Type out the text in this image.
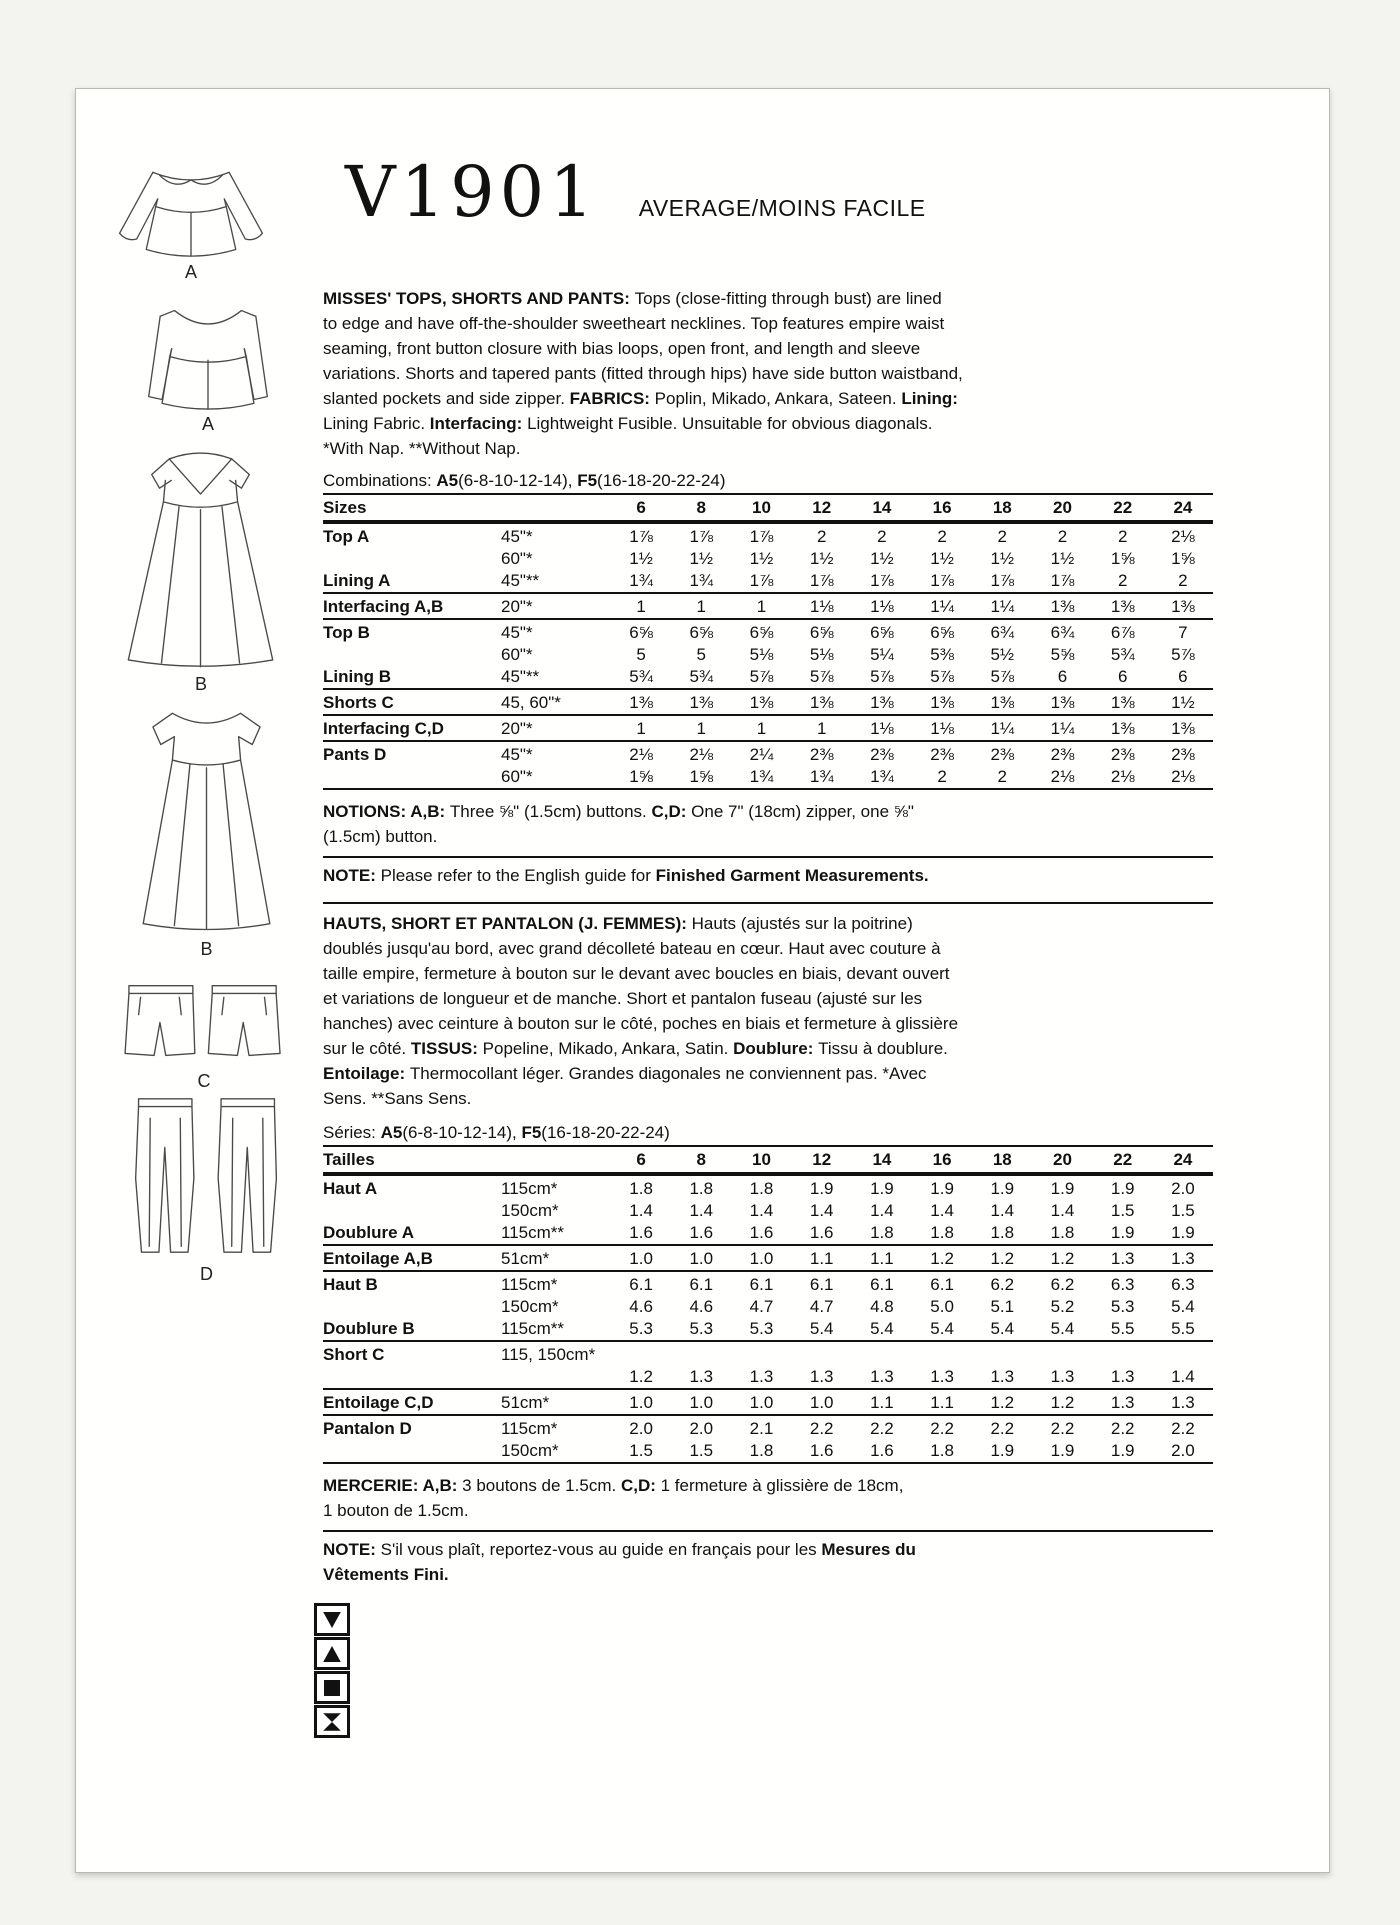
A
A
B
B
C
D
V1901 AVERAGE/MOINS FACILE

MISSES' TOPS, SHORTS AND PANTS: Tops (close-fitting through bust) are lined
to edge and have off-the-shoulder sweetheart necklines. Top features empire waist
seaming, front button closure with bias loops, open front, and length and sleeve
variations. Shorts and tapered pants (fitted through hips) have side button waistband,
slanted pockets and side zipper. FABRICS: Poplin, Mikado, Ankara, Sateen. Lining:
Lining Fabric. Interfacing: Lightweight Fusible. Unsuitable for obvious diagonals.
*With Nap. **Without Nap.

Combinations: A5(6-8-10-12-14), F5(16-18-20-22-24)
Sizes	6	8	10	12	14	16	18	20	22	24
Top A	45"*	1⅞	1⅞	1⅞	2	2	2	2	2	2	2⅛
60"*	1½	1½	1½	1½	1½	1½	1½	1½	1⅝	1⅝
Lining A	45"**	1¾	1¾	1⅞	1⅞	1⅞	1⅞	1⅞	1⅞	2	2
Interfacing A,B	20"*	1	1	1	1⅛	1⅛	1¼	1¼	1⅜	1⅜	1⅜
Top B	45"*	6⅝	6⅝	6⅝	6⅝	6⅝	6⅝	6¾	6¾	6⅞	7
60"*	5	5	5⅛	5⅛	5¼	5⅜	5½	5⅝	5¾	5⅞
Lining B	45"**	5¾	5¾	5⅞	5⅞	5⅞	5⅞	5⅞	6	6	6
Shorts C	45, 60"*	1⅜	1⅜	1⅜	1⅜	1⅜	1⅜	1⅜	1⅜	1⅜	1½
Interfacing C,D	20"*	1	1	1	1	1⅛	1⅛	1¼	1¼	1⅜	1⅜
Pants D	45"*	2⅛	2⅛	2¼	2⅜	2⅜	2⅜	2⅜	2⅜	2⅜	2⅜
60"*	1⅝	1⅝	1¾	1¾	1¾	2	2	2⅛	2⅛	2⅛

NOTIONS: A,B: Three ⅝" (1.5cm) buttons. C,D: One 7" (18cm) zipper, one ⅝"
(1.5cm) button.

NOTE: Please refer to the English guide for Finished Garment Measurements.

HAUTS, SHORT ET PANTALON (J. FEMMES): Hauts (ajustés sur la poitrine)
doublés jusqu'au bord, avec grand décolleté bateau en cœur. Haut avec couture à
taille empire, fermeture à bouton sur le devant avec boucles en biais, devant ouvert
et variations de longueur et de manche. Short et pantalon fuseau (ajusté sur les
hanches) avec ceinture à bouton sur le côté, poches en biais et fermeture à glissière
sur le côté. TISSUS: Popeline, Mikado, Ankara, Satin. Doublure: Tissu à doublure.
Entoilage: Thermocollant léger. Grandes diagonales ne conviennent pas. *Avec
Sens. **Sans Sens.

Séries: A5(6-8-10-12-14), F5(16-18-20-22-24)
Tailles	6	8	10	12	14	16	18	20	22	24
Haut A	115cm*	1.8	1.8	1.8	1.9	1.9	1.9	1.9	1.9	1.9	2.0
150cm*	1.4	1.4	1.4	1.4	1.4	1.4	1.4	1.4	1.5	1.5
Doublure A	115cm**	1.6	1.6	1.6	1.6	1.8	1.8	1.8	1.8	1.9	1.9
Entoilage A,B	51cm*	1.0	1.0	1.0	1.1	1.1	1.2	1.2	1.2	1.3	1.3
Haut B	115cm*	6.1	6.1	6.1	6.1	6.1	6.1	6.2	6.2	6.3	6.3
150cm*	4.6	4.6	4.7	4.7	4.8	5.0	5.1	5.2	5.3	5.4
Doublure B	115cm**	5.3	5.3	5.3	5.4	5.4	5.4	5.4	5.4	5.5	5.5
Short C	115, 150cm*
1.2	1.3	1.3	1.3	1.3	1.3	1.3	1.3	1.3	1.4
Entoilage C,D	51cm*	1.0	1.0	1.0	1.0	1.1	1.1	1.2	1.2	1.3	1.3
Pantalon D	115cm*	2.0	2.0	2.1	2.2	2.2	2.2	2.2	2.2	2.2	2.2
150cm*	1.5	1.5	1.8	1.6	1.6	1.8	1.9	1.9	1.9	2.0

MERCERIE: A,B: 3 boutons de 1.5cm. C,D: 1 fermeture à glissière de 18cm,
1 bouton de 1.5cm.

NOTE: S'il vous plaît, reportez-vous au guide en français pour les Mesures du
Vêtements Fini.
